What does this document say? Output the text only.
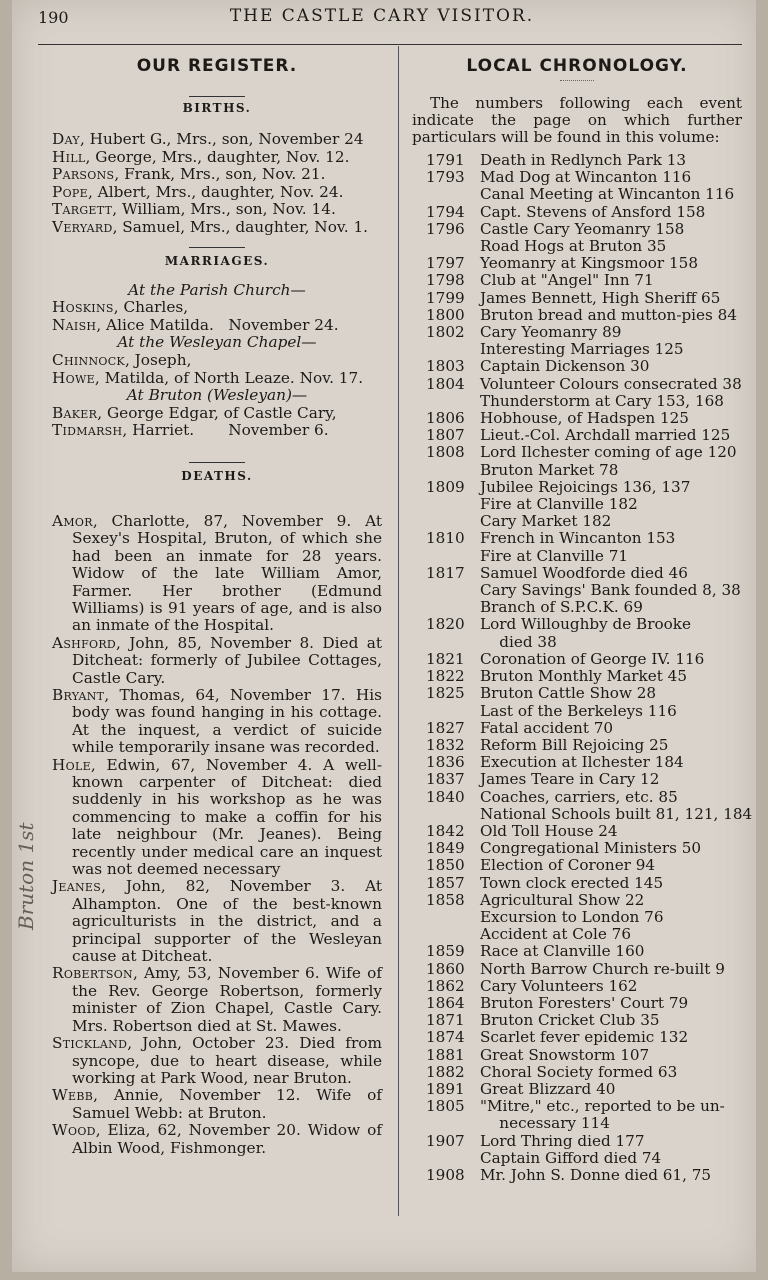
190	THE CASTLE CARY VISITOR.
OUR REGISTER.
BIRTHS.
Day, Hubert G., Mrs., son, November 24
Hill, George, Mrs., daughter, Nov. 12.
Parsons, Frank, Mrs., son, Nov. 21.
Pope, Albert, Mrs., daughter, Nov. 24.
Targett, William, Mrs., son, Nov. 14.
Veryard, Samuel, Mrs., daughter, Nov. 1.
MARRIAGES.
At the Parish Church—
Hoskins, Charles,
Naish, Alice Matilda.   November 24.
At the Wesleyan Chapel—
Chinnock, Joseph,
Howe, Matilda, of North Leaze. Nov. 17.
At Bruton (Wesleyan)—
Baker, George Edgar, of Castle Cary,
Tidmarsh, Harriet.       November 6.
DEATHS.
Amor, Charlotte, 87, November 9. At Sexey's Hospital, Bruton, of which she had been an inmate for 28 years. Widow of the late William Amor, Farmer. Her brother (Edmund Williams) is 91 years of age, and is also an inmate of the Hospital.
Ashford, John, 85, November 8. Died at Ditcheat: formerly of Jubilee Cottages, Castle Cary.
Bryant, Thomas, 64, November 17. His body was found hanging in his cottage. At the inquest, a verdict of suicide while temporarily insane was recorded.
Hole, Edwin, 67, November 4. A well-known carpenter of Ditcheat: died suddenly in his workshop as he was commencing to make a coffin for his late neighbour (Mr. Jeanes). Being recently under medical care an inquest was not deemed necessary
Jeanes, John, 82, November 3. At Alhampton. One of the best-known agriculturists in the district, and a principal supporter of the Wesleyan cause at Ditcheat.
Robertson, Amy, 53, November 6. Wife of the Rev. George Robertson, formerly minister of Zion Chapel, Castle Cary. Mrs. Robertson died at St. Mawes.
Stickland, John, October 23. Died from syncope, due to heart disease, while working at Park Wood, near Bruton.
Webb, Annie, November 12. Wife of Samuel Webb: at Bruton.
Wood, Eliza, 62, November 20. Widow of Albin Wood, Fishmonger.
LOCAL CHRONOLOGY.

The numbers following each event indicate the page on which further particulars will be found in this volume:

1791	Death in Redlynch Park 13
1793	Mad Dog at Wincanton 116
Canal Meeting at Wincanton 116
1794	Capt. Stevens of Ansford 158
1796	Castle Cary Yeomanry 158
Road Hogs at Bruton 35
1797	Yeomanry at Kingsmoor 158
1798	Club at "Angel" Inn 71
1799	James Bennett, High Sheriff 65
1800	Bruton bread and mutton-pies 84
1802	Cary Yeomanry 89
Interesting Marriages 125
1803	Captain Dickenson 30
1804	Volunteer Colours consecrated 38
Thunderstorm at Cary 153, 168
1806	Hobhouse, of Hadspen 125
1807	Lieut.-Col. Archdall married 125
1808	Lord Ilchester coming of age 120
Bruton Market 78
1809	Jubilee Rejoicings 136, 137
Fire at Clanville 182
Cary Market 182
1810	French in Wincanton 153
Fire at Clanville 71
1817	Samuel Woodforde died 46
Cary Savings' Bank founded 8, 38
Branch of S.P.C.K. 69
1820	Lord Willoughby de Brooke
died 38
1821	Coronation of George IV. 116
1822	Bruton Monthly Market 45
1825	Bruton Cattle Show 28
Last of the Berkeleys 116
1827	Fatal accident 70
1832	Reform Bill Rejoicing 25
1836	Execution at Ilchester 184
1837	James Teare in Cary 12
1840	Coaches, carriers, etc. 85
National Schools built 81, 121, 184
1842	Old Toll House 24
1849	Congregational Ministers 50
1850	Election of Coroner 94
1857	Town clock erected 145
1858	Agricultural Show 22
Excursion to London 76
Accident at Cole 76
1859	Race at Clanville 160
1860	North Barrow Church re-built 9
1862	Cary Volunteers 162
1864	Bruton Foresters' Court 79
1871	Bruton Cricket Club 35
1874	Scarlet fever epidemic 132
1881	Great Snowstorm 107
1882	Choral Society formed 63
1891	Great Blizzard 40
1805	"Mitre," etc., reported to be un-
necessary 114
1907	Lord Thring died 177
Captain Gifford died 74
1908	Mr. John S. Donne died 61, 75
Bruton 1st
